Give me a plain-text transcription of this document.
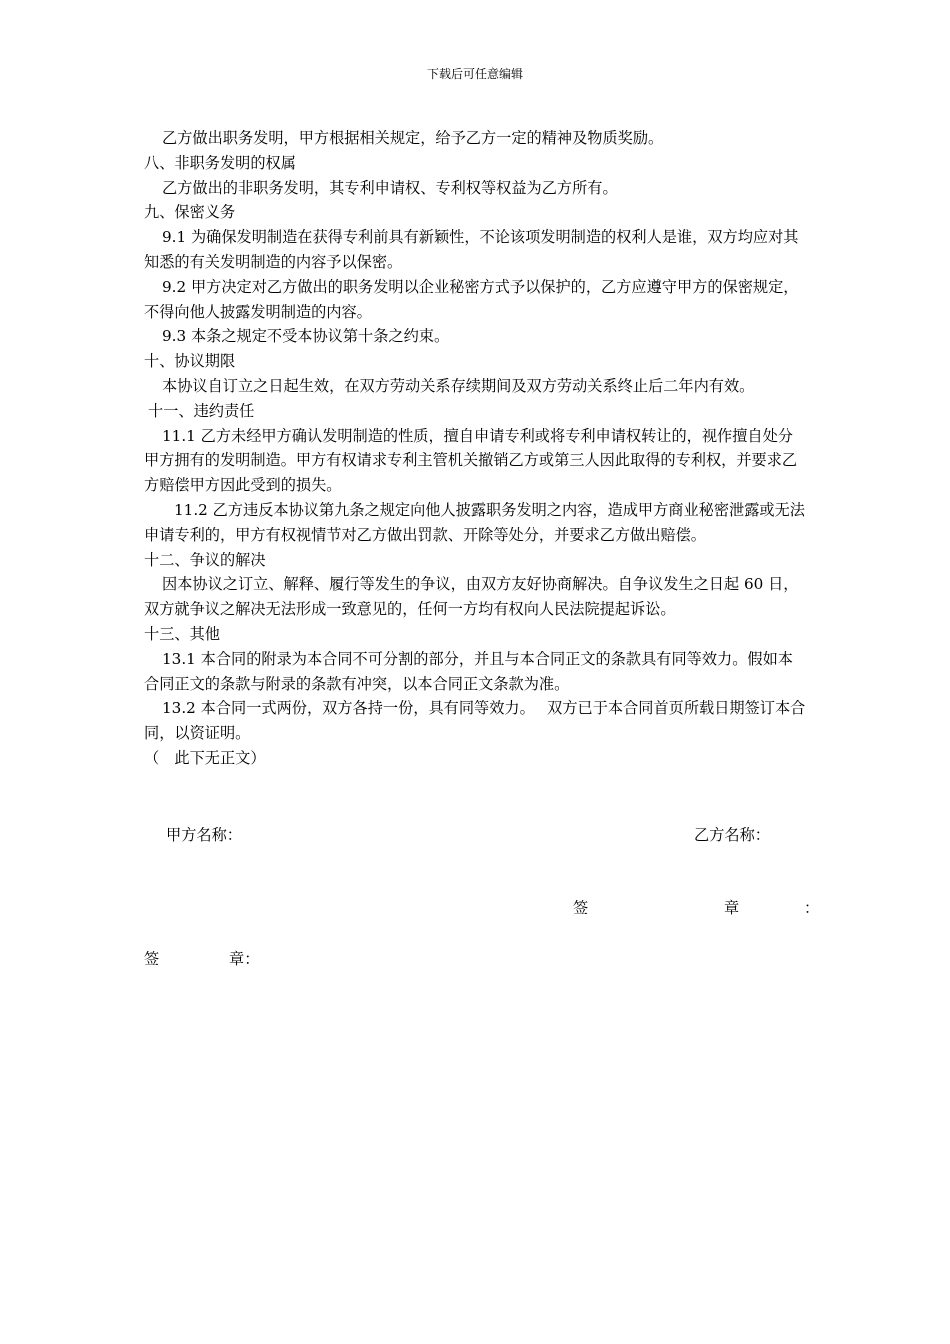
下载后可任意编辑

乙方做出职务发明，甲方根据相关规定，给予乙方一定的精神及物质奖励。

八、非职务发明的权属

乙方做出的非职务发明，其专利申请权、专利权等权益为乙方所有。

九、保密义务

9.1 为确保发明制造在获得专利前具有新颖性，不论该项发明制造的权利人是谁，双方均应对其知悉的有关发明制造的内容予以保密。

9.2 甲方决定对乙方做出的职务发明以企业秘密方式予以保护的，乙方应遵守甲方的保密规定，不得向他人披露发明制造的内容。

9.3 本条之规定不受本协议第十条之约束。

十、协议期限

本协议自订立之日起生效，在双方劳动关系存续期间及双方劳动关系终止后二年内有效。

十一、违约责任

11.1 乙方未经甲方确认发明制造的性质，擅自申请专利或将专利申请权转让的，视作擅自处分甲方拥有的发明制造。甲方有权请求专利主管机关撤销乙方或第三人因此取得的专利权，并要求乙方赔偿甲方因此受到的损失。

11.2 乙方违反本协议第九条之规定向他人披露职务发明之内容，造成甲方商业秘密泄露或无法申请专利的，甲方有权视情节对乙方做出罚款、开除等处分，并要求乙方做出赔偿。

十二、争议的解决

因本协议之订立、解释、履行等发生的争议，由双方友好协商解决。自争议发生之日起 60 日，双方就争议之解决无法形成一致意见的，任何一方均有权向人民法院提起诉讼。

十三、其他

13.1 本合同的附录为本合同不可分割的部分，并且与本合同正文的条款具有同等效力。假如本合同正文的条款与附录的条款有冲突，以本合同正文条款为准。

13.2 本合同一式两份，双方各持一份，具有同等效力。　 双方已于本合同首页所载日期签订本合同，以资证明。

（　此下无正文）

甲方名称：	乙方名称：
签	章	：
签	章：
